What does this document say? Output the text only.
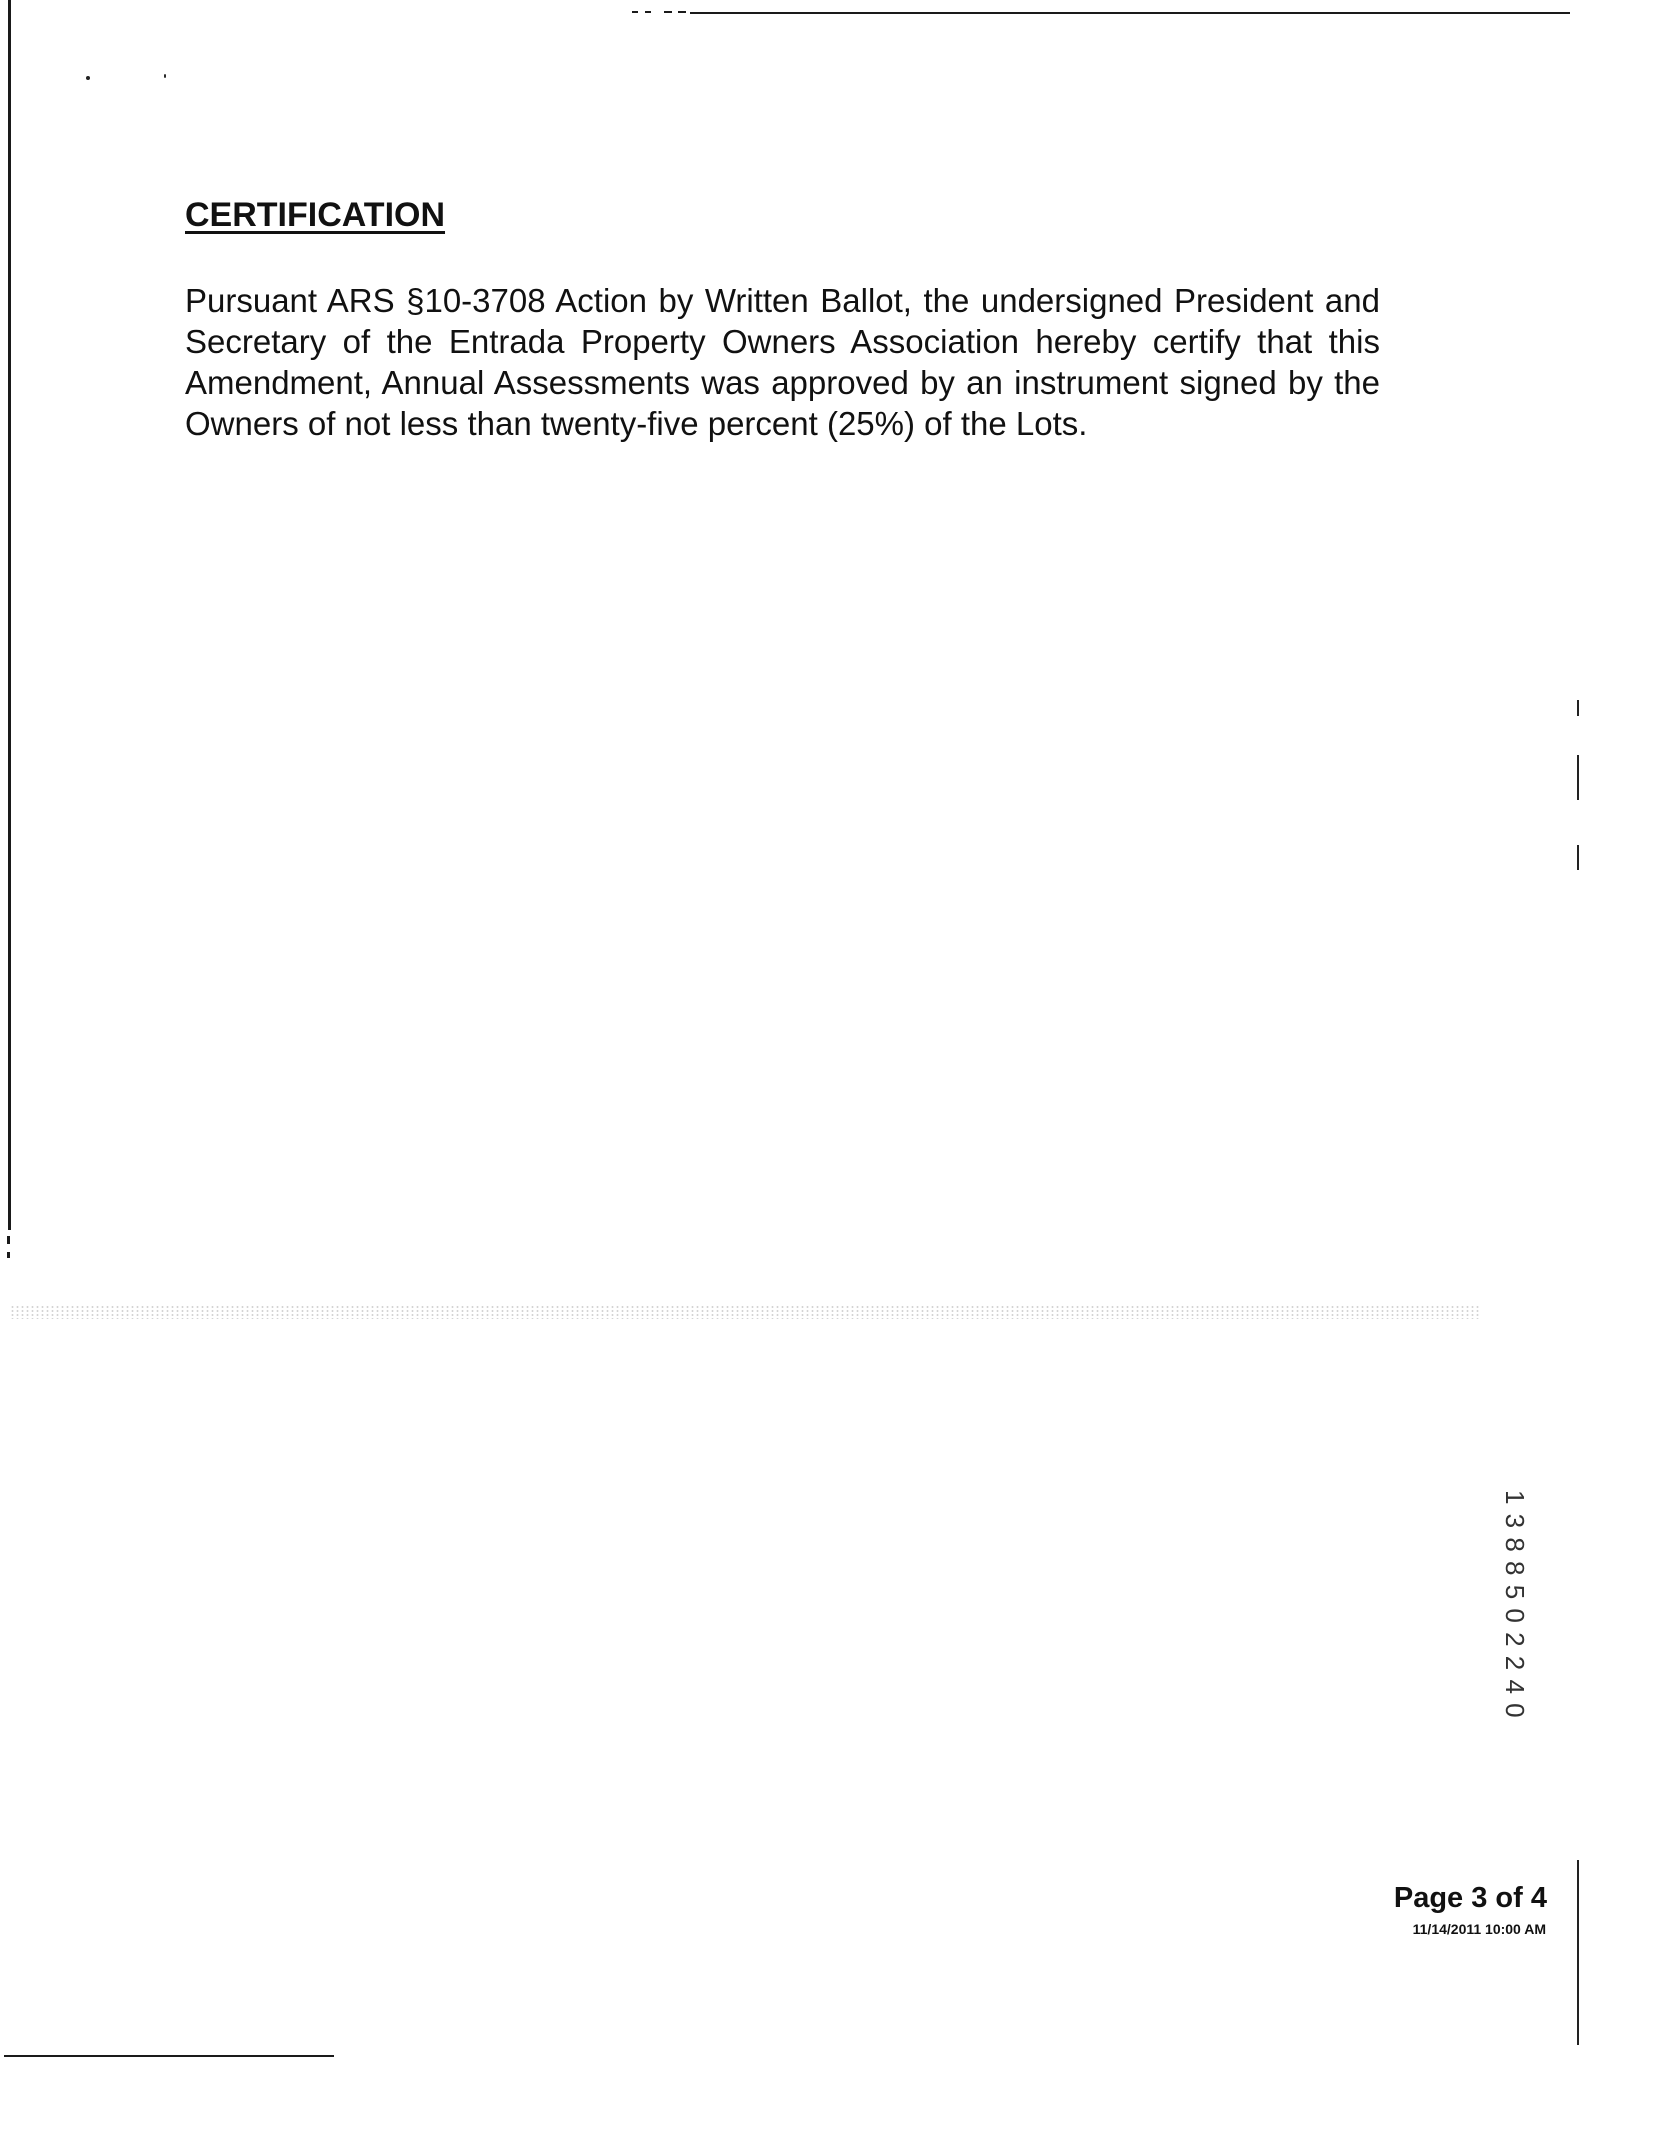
CERTIFICATION

Pursuant ARS §10-3708 Action by Written Ballot, the undersigned President and Secretary of the Entrada Property Owners Association hereby certify that this Amendment, Annual Assessments was approved by an instrument signed by the Owners of not less than twenty-five percent (25%) of the Lots.

1 3 8 8 5 0 2 2 4 0
Page 3 of 4
11/14/2011 10:00 AM
